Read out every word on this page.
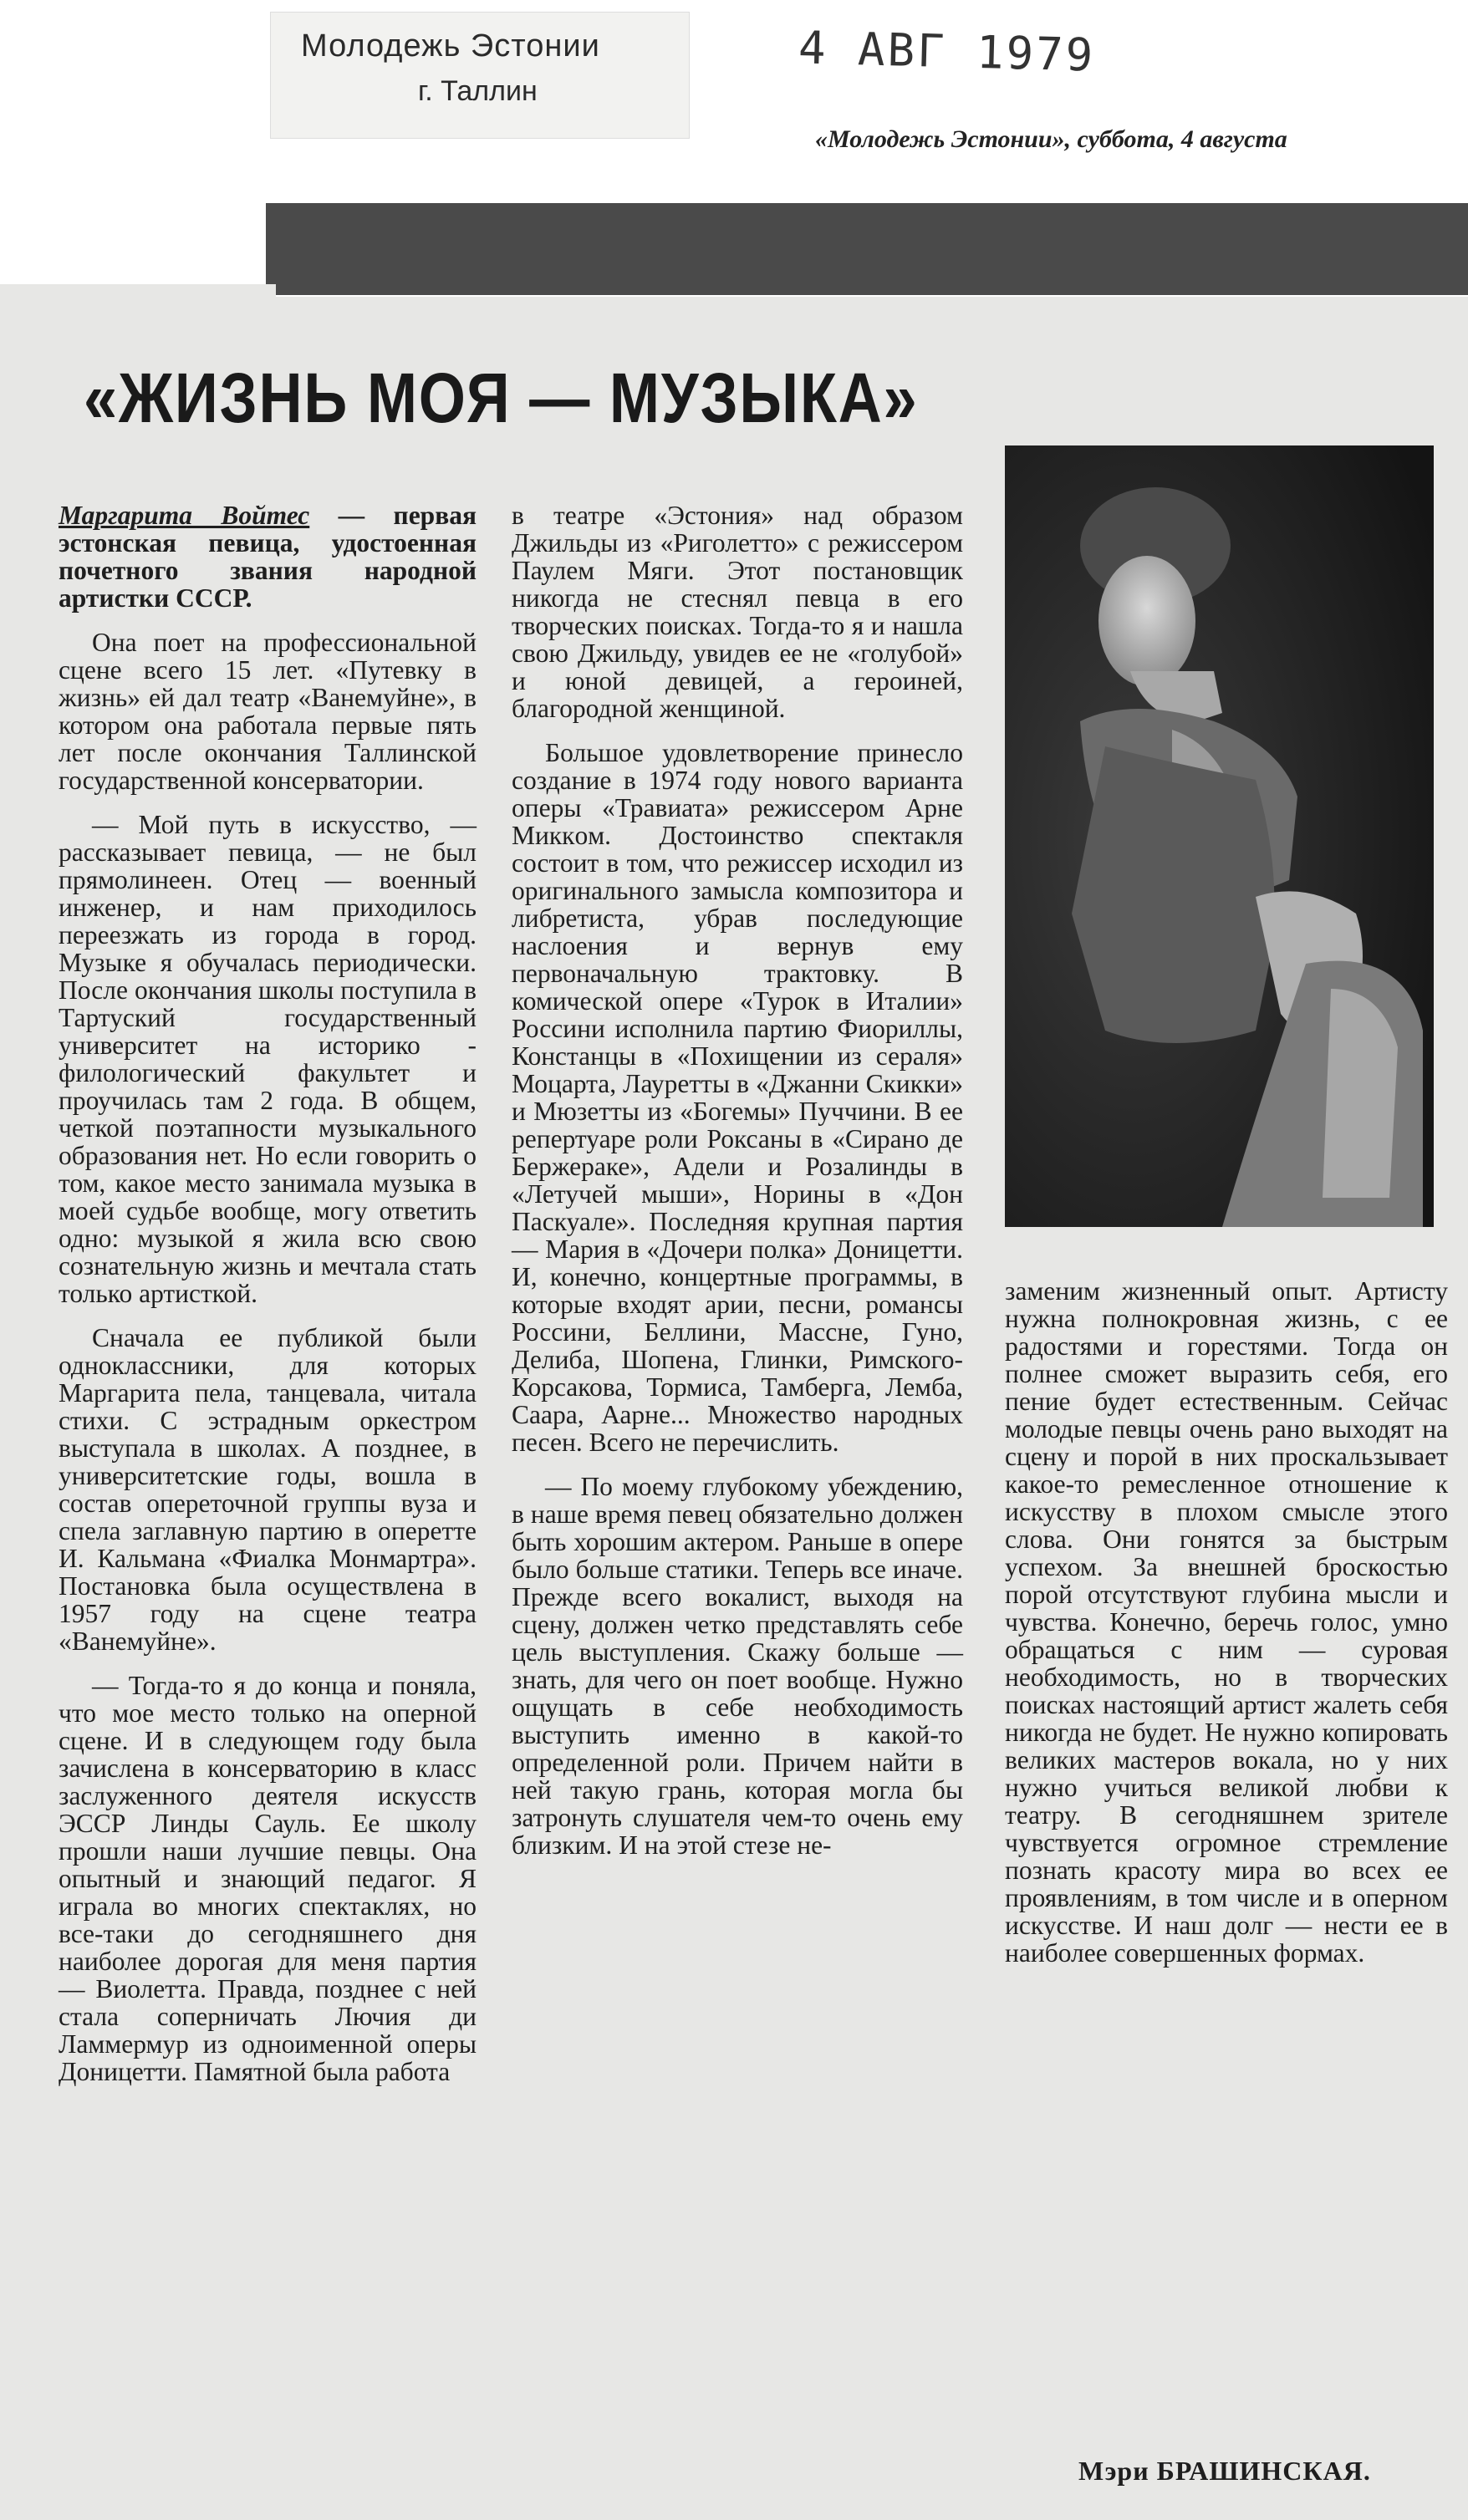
Молодежь Эстонии
г. Таллин
4 АВГ 1979
«Молодежь Эстонии», суббота, 4 августа
«ЖИЗНЬ МОЯ — МУЗЫКА»

Маргарита Войтес — первая эстонская певица, удостоенная почетного звания народной артистки СССР.

Она поет на профессиональной сцене всего 15 лет. «Путевку в жизнь» ей дал театр «Ванемуйне», в котором она работала первые пять лет после окончания Таллинской государственной консерватории.

— Мой путь в искусство, — рассказывает певица, — не был прямолинеен. Отец — военный инженер, и нам приходилось переезжать из города в город. Музыке я обучалась периодически. После окончания школы поступила в Тартуский государственный университет на историко - филологический факультет и проучилась там 2 года. В общем, четкой поэтапности музыкального образования нет. Но если говорить о том, какое место занимала музыка в моей судьбе вообще, могу ответить одно: музыкой я жила всю свою сознательную жизнь и мечтала стать только артисткой.

Сначала ее публикой были одноклассники, для которых Маргарита пела, танцевала, читала стихи. С эстрадным оркестром выступала в школах. А позднее, в университетские годы, вошла в состав опереточной группы вуза и спела заглавную партию в оперетте И. Кальмана «Фиалка Монмартра». Постановка была осуществлена в 1957 году на сцене театра «Ванемуйне».

— Тогда-то я до конца и поняла, что мое место только на оперной сцене. И в следующем году была зачислена в консерваторию в класс заслуженного деятеля искусств ЭССР Линды Сауль. Ее школу прошли наши лучшие певцы. Она опытный и знающий педагог. Я играла во многих спектаклях, но все-таки до сегодняшнего дня наиболее дорогая для меня партия — Виолетта. Правда, позднее с ней стала соперничать Лючия ди Ламмермур из одноименной оперы Доницетти. Памятной была работа

в театре «Эстония» над образом Джильды из «Риголетто» с режиссером Паулем Мяги. Этот постановщик никогда не стеснял певца в его творческих поисках. Тогда-то я и нашла свою Джильду, увидев ее не «голубой» и юной девицей, а героиней, благородной женщиной.

Большое удовлетворение принесло создание в 1974 году нового варианта оперы «Травиата» режиссером Арне Миккoм. Достоинство спектакля состоит в том, что режиссер исходил из оригинального замысла композитора и либретиста, убрав последующие наслоения и вернув ему первоначальную трактовку. В комической опере «Турок в Италии» Россини исполнила партию Фиориллы, Констанцы в «Похищении из сераля» Моцарта, Лауретты в «Джанни Скикки» и Мюзетты из «Богемы» Пуччини. В ее репертуаре роли Роксаны в «Сирано де Бержераке», Адели и Розалинды в «Летучей мыши», Норины в «Дон Паскуале». Последняя крупная партия — Мария в «Дочери полка» Доницетти. И, конечно, концертные программы, в которые входят арии, песни, романсы Россини, Беллини, Массне, Гуно, Делиба, Шопена, Глинки, Римского-Корсакова, Тормиса, Тамберга, Лемба, Саара, Аарне... Множество народных песен. Всего не перечислить.

— По моему глубокому убеждению, в наше время певец обязательно должен быть хорошим актером. Раньше в опере было больше статики. Теперь все иначе. Прежде всего вокалист, выходя на сцену, должен четко представлять себе цель выступления. Скажу больше — знать, для чего он поет вообще. Нужно ощущать в себе необходимость выступить именно в какой-то определенной роли. Причем найти в ней такую грань, которая могла бы затронуть слушателя чем-то очень ему близким. И на этой стезе не-

заменим жизненный опыт. Артисту нужна полнокровная жизнь, с ее радостями и горестями. Тогда он полнее сможет выразить себя, его пение будет естественным. Сейчас молодые певцы очень рано выходят на сцену и порой в них проскальзывает какое-то ремесленное отношение к искусству в плохом смысле этого слова. Они гонятся за быстрым успехом. За внешней броскостью порой отсутствуют глубина мысли и чувства. Конечно, беречь голос, умно обращаться с ним — суровая необходимость, но в творческих поисках настоящий артист жалеть себя никогда не будет. Не нужно копировать великих мастеров вокала, но у них нужно учиться великой любви к театру. В сегодняшнем зрителе чувствуется огромное стремление познать красоту мира во всех ее проявлениям, в том числе и в оперном искусстве. И наш долг — нести ее в наиболее совершенных формах.

Мэри БРАШИНСКАЯ.
